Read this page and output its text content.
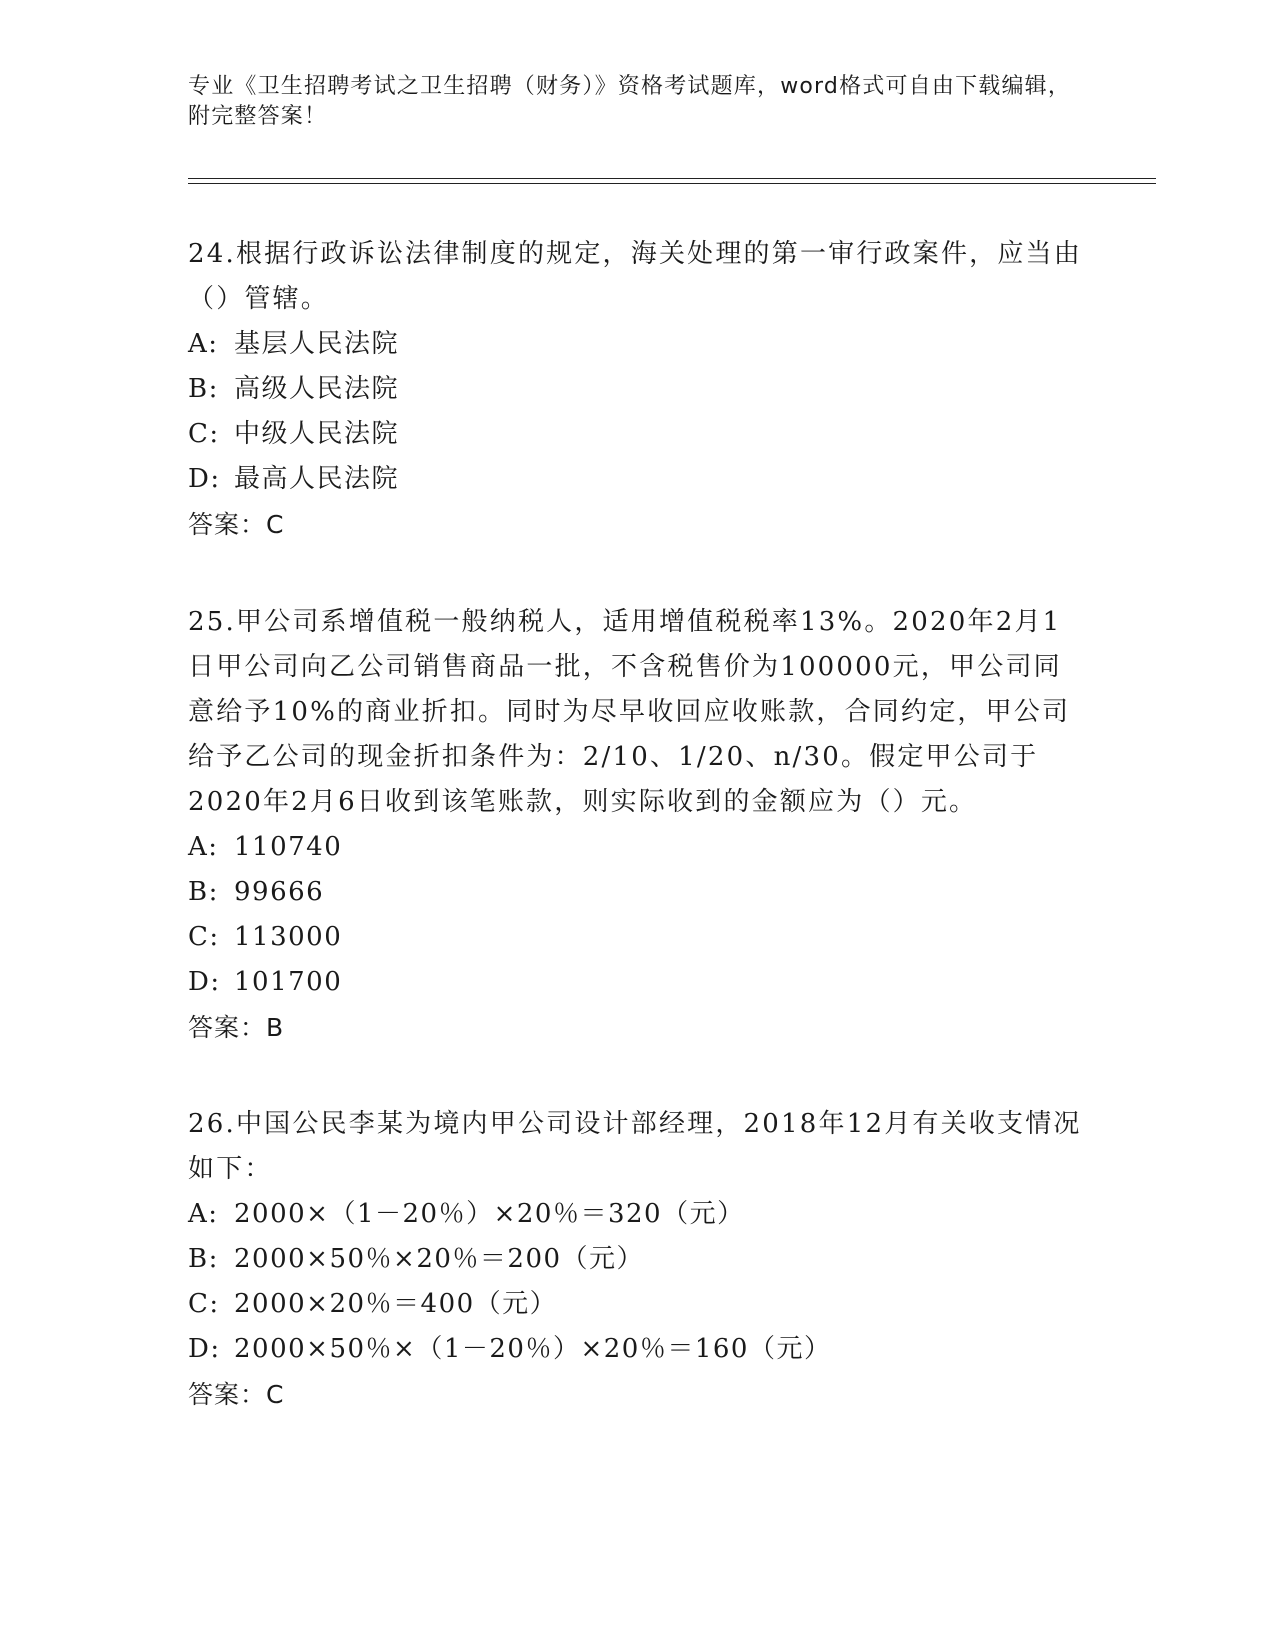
专业《卫生招聘考试之卫生招聘（财务）》资格考试题库，word格式可自由下载编辑，附完整答案！

24.根据行政诉讼法律制度的规定，海关处理的第一审行政案件，应当由（）管辖。

A: 基层人民法院

B: 高级人民法院

C: 中级人民法院

D: 最高人民法院

答案：C

25.甲公司系增值税一般纳税人，适用增值税税率13%。2020年2月1日甲公司向乙公司销售商品一批，不含税售价为100000元，甲公司同意给予10%的商业折扣。同时为尽早收回应收账款，合同约定，甲公司给予乙公司的现金折扣条件为：2/10、1/20、n/30。假定甲公司于2020年2月6日收到该笔账款，则实际收到的金额应为（）元。

A: 110740

B: 99666

C: 113000

D: 101700

答案：B

26.中国公民李某为境内甲公司设计部经理，2018年12月有关收支情况如下：

A: 2000×（1－20％）×20％＝320（元）

B: 2000×50％×20％＝200（元）

C: 2000×20％＝400（元）

D: 2000×50％×（1－20％）×20％＝160（元）

答案：C
